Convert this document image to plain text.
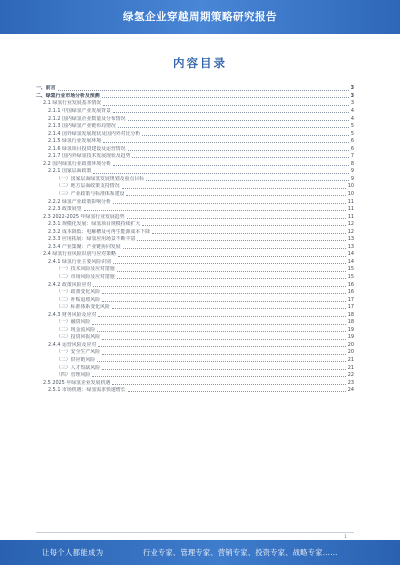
绿氢企业穿越周期策略研究报告
内容目录
一、前言	3
二、绿氢行业市场分析及预测	3
2.1 绿氢行业发展基本情况	3
2.1.1 中国绿氢产业发展背景	4
2.1.2 国内绿氢企业数量及分布情况	4
2.1.3 国内绿氢产业链布局情况	5
2.1.4 国外绿氢发展现状及国内外对比分析	5
2.1.5 绿氢行业发展环境	6
2.1.6 绿氢项目投资建设及运营情况	6
2.1.7 国内外绿氢技术发展现状及趋势	7
2.2 国内绿氢行业政策环境分析	8
2.2.1 国家层面政策	9
（一）国家层面绿氢发展规划及重点目标	9
（二）地方层面政策支持情况	10
（三）产业政策与标准体系建设	10
2.2.2 绿氢产业政策影响分析	11
2.2.3 政策展望	11
2.3 2022-2025 年绿氢行业发展趋势	11
2.3.1 规模化发展：绿氢项目规模持续扩大	12
2.3.2 成本降低：电解槽及可再生能源成本下降	12
2.3.3 应用拓展：绿氢应用场景不断丰富	13
2.3.4 产业集聚：产业链协同发展	13
2.4 绿氢行业风险识别与应对策略	14
2.4.1 绿氢行业主要风险识别	14
（一）技术风险及应对措施	15
（二）市场风险及应对措施	15
2.4.2 政策风险应对	16
（一）政策变化风险	16
（二）补贴退坡风险	17
（三）标准体系变化风险	17
2.4.3 财务风险及应对	18
（一）融资风险	18
（二）现金流风险	19
（三）投资回报风险	19
2.4.4 运营风险及应对	20
（一）安全生产风险	20
（二）供应链风险	21
（三）人才短缺风险	21
（四）管理风险	22
2.5 2025 年绿氢企业发展机遇	23
2.5.1 市场机遇：绿氢需求快速增长	24
1
让每个人都能成为	行业专家、管理专家、营销专家、投资专家、战略专家……
